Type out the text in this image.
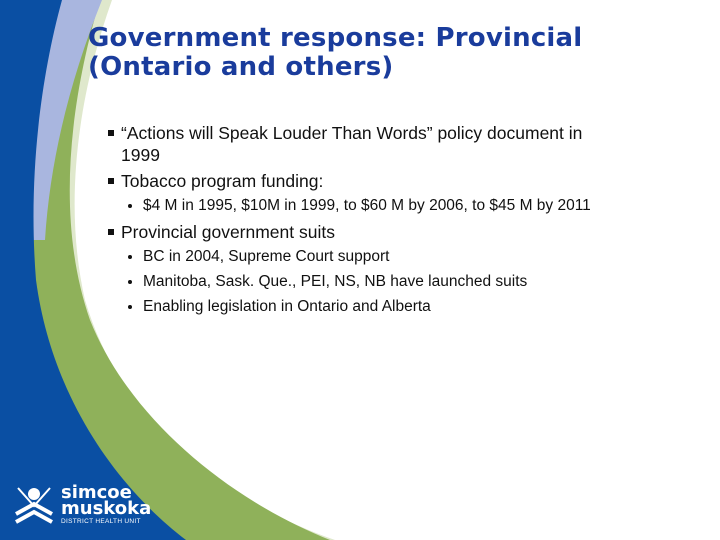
Government response: Provincial
(Ontario and others)
“Actions will Speak Louder Than Words” policy document in
1999
Tobacco program funding:
$4 M in 1995, $10M in 1999, to $60 M by 2006, to $45 M by 2011
Provincial government suits
BC in 2004, Supreme Court support
Manitoba, Sask. Que., PEI, NS, NB have launched suits
Enabling legislation in Ontario and Alberta
simcoe
muskoka
DISTRICT HEALTH UNIT
